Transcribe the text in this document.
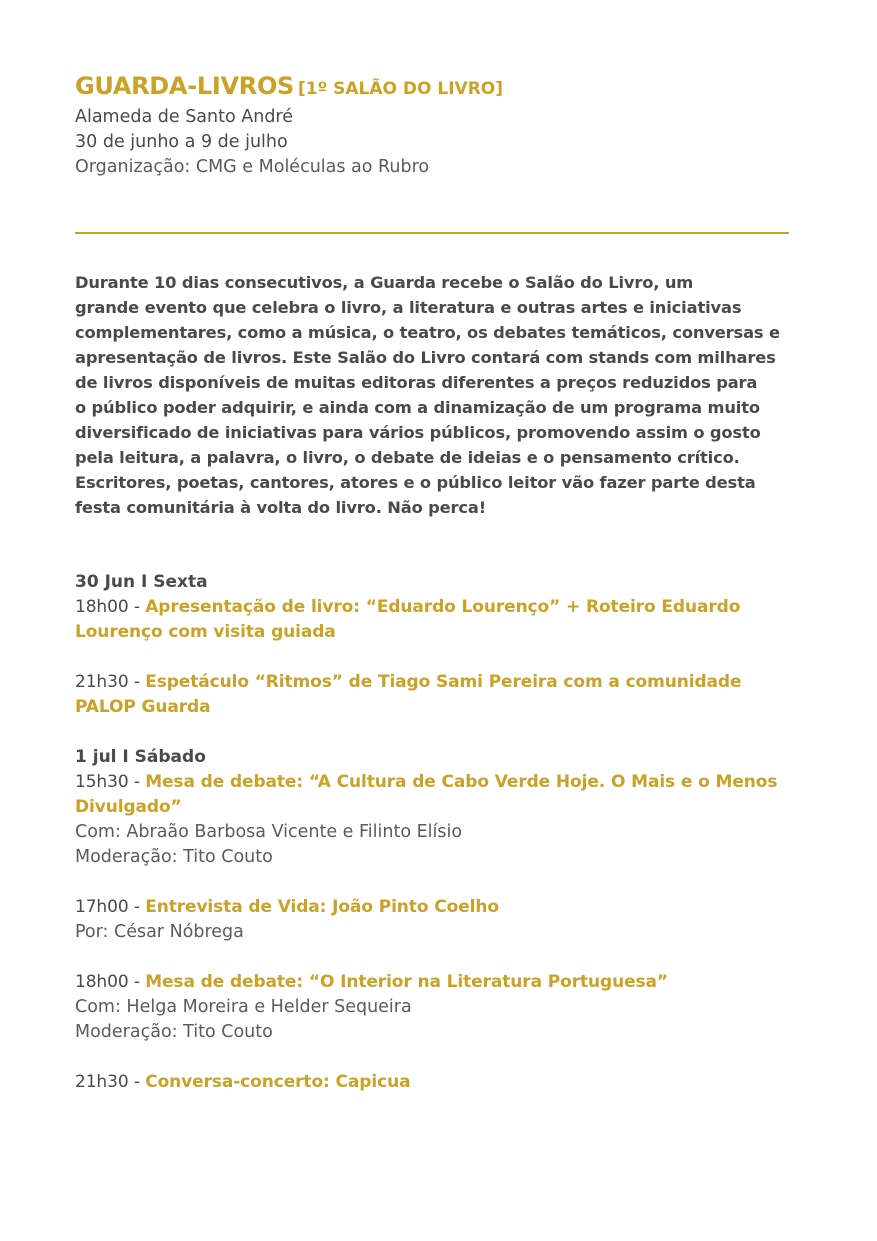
GUARDA-LIVROS [1º SALÃO DO LIVRO]

Alameda de Santo André

30 de junho a 9 de julho

Organização: CMG e Moléculas ao Rubro

Durante 10 dias consecutivos, a Guarda recebe o Salão do Livro, um

grande evento que celebra o livro, a literatura e outras artes e iniciativas

complementares, como a música, o teatro, os debates temáticos, conversas e

apresentação de livros. Este Salão do Livro contará com stands com milhares

de livros disponíveis de muitas editoras diferentes a preços reduzidos para

o público poder adquirir, e ainda com a dinamização de um programa muito

diversificado de iniciativas para vários públicos, promovendo assim o gosto

pela leitura, a palavra, o livro, o debate de ideias e o pensamento crítico.

Escritores, poetas, cantores, atores e o público leitor vão fazer parte desta

festa comunitária à volta do livro. Não perca!

30 Jun I Sexta

18h00 - Apresentação de livro: “Eduardo Lourenço” + Roteiro Eduardo

Lourenço com visita guiada

21h30 - Espetáculo “Ritmos” de Tiago Sami Pereira com a comunidade

PALOP Guarda

1 jul I Sábado

15h30 - Mesa de debate: “A Cultura de Cabo Verde Hoje. O Mais e o Menos

Divulgado”

Com: Abraão Barbosa Vicente e Filinto Elísio

Moderação: Tito Couto

17h00 - Entrevista de Vida: João Pinto Coelho

Por: César Nóbrega

18h00 - Mesa de debate: “O Interior na Literatura Portuguesa”

Com: Helga Moreira e Helder Sequeira

Moderação: Tito Couto

21h30 - Conversa-concerto: Capicua
